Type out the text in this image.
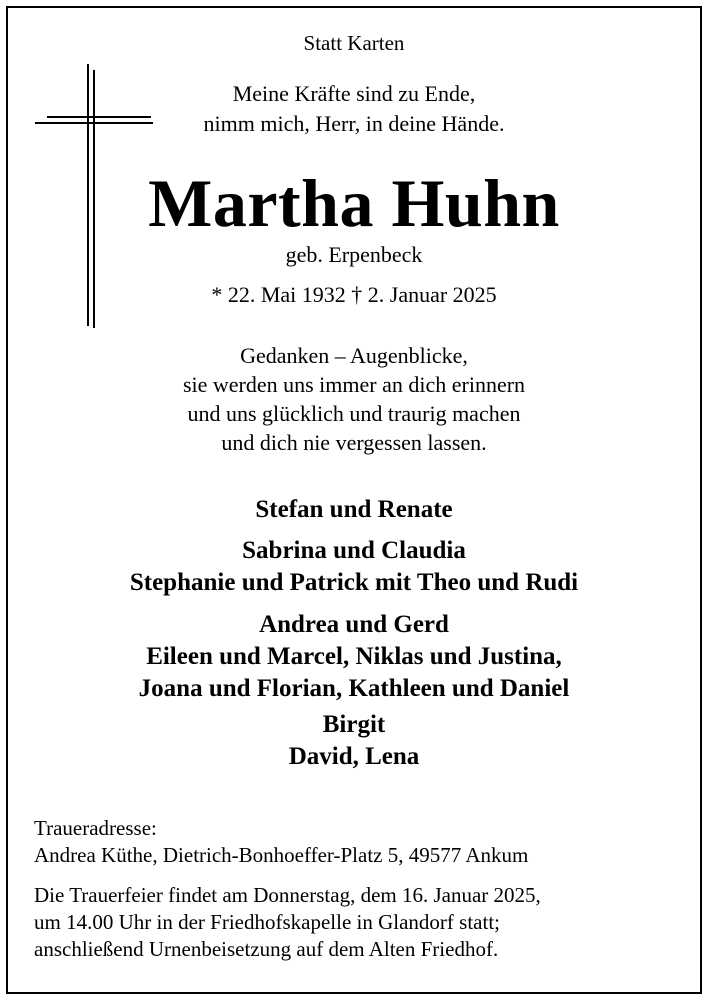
Statt Karten
Meine Kräfte sind zu Ende,
nimm mich, Herr, in deine Hände.
Martha Huhn
geb. Erpenbeck
* 22. Mai 1932 † 2. Januar 2025
Gedanken – Augenblicke,
sie werden uns immer an dich erinnern
und uns glücklich und traurig machen
und dich nie vergessen lassen.
Stefan und Renate
Sabrina und Claudia
Stephanie und Patrick mit Theo und Rudi
Andrea und Gerd
Eileen und Marcel, Niklas und Justina,
Joana und Florian, Kathleen und Daniel
Birgit
David, Lena
Traueradresse:
Andrea Küthe, Dietrich-Bonhoeffer-Platz 5, 49577 Ankum
Die Trauerfeier findet am Donnerstag, dem 16. Januar 2025,
um 14.00 Uhr in der Friedhofskapelle in Glandorf statt;
anschließend Urnenbeisetzung auf dem Alten Friedhof.
